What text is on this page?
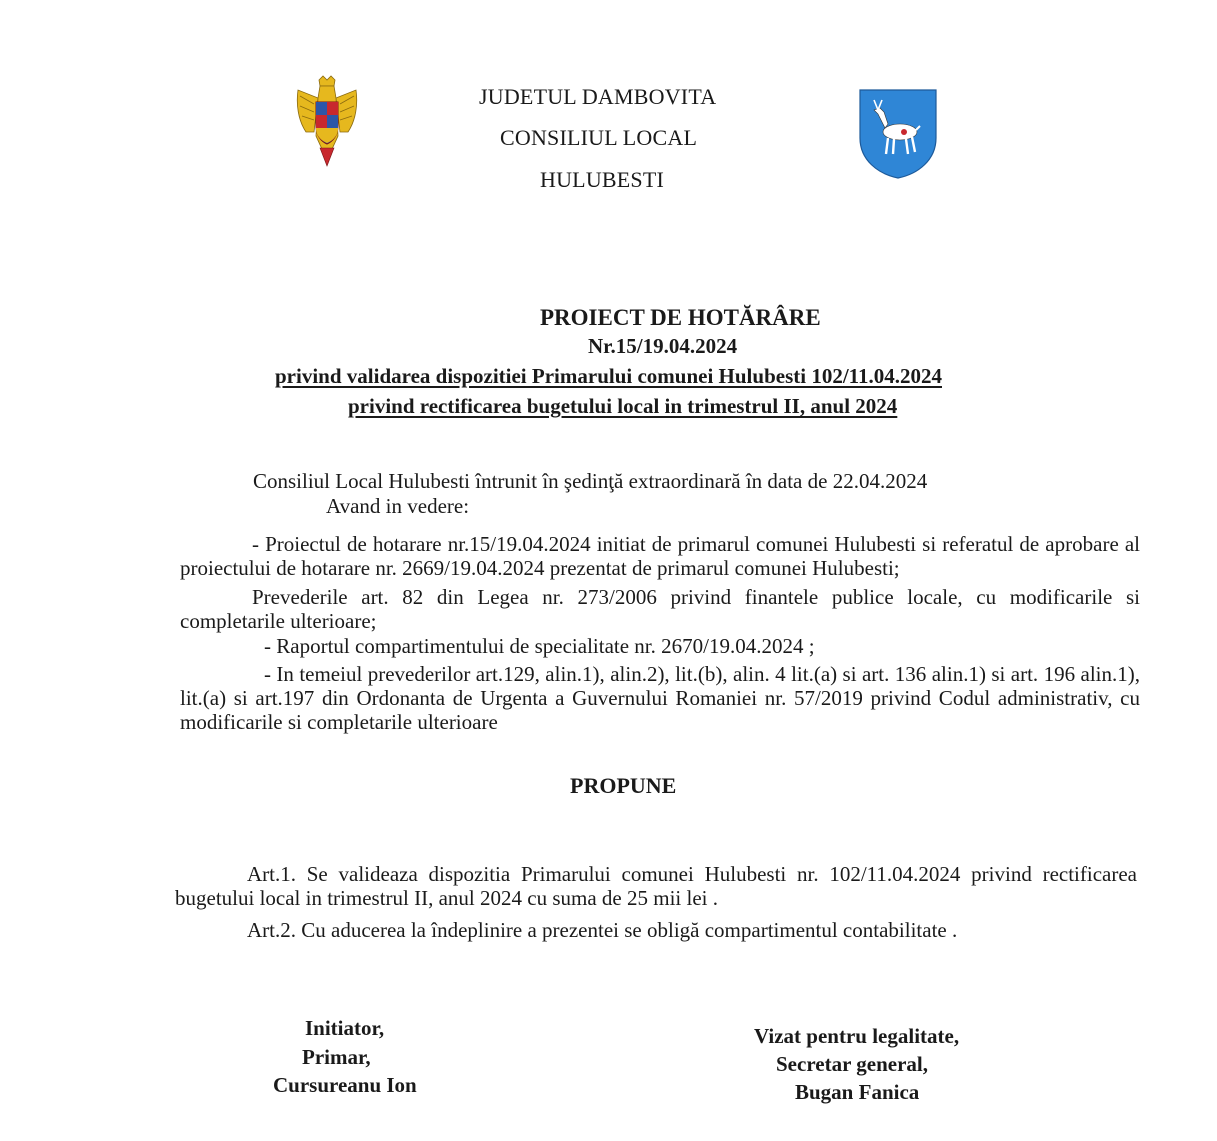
JUDETUL DAMBOVITA
CONSILIUL LOCAL
HULUBESTI
PROIECT DE HOTĂRÂRE
Nr.15/19.04.2024
privind validarea dispozitiei Primarului comunei Hulubesti 102/11.04.2024
privind rectificarea bugetului local in trimestrul II, anul 2024
Consiliul Local Hulubesti întrunit în şedinţă extraordinară în data de 22.04.2024
Avand in vedere:
- Proiectul de hotarare nr.15/19.04.2024 initiat de primarul comunei Hulubesti si referatul de aprobare al proiectului de hotarare nr. 2669/19.04.2024 prezentat de primarul comunei Hulubesti;
Prevederile art. 82 din Legea nr. 273/2006 privind finantele publice locale, cu modificarile si completarile ulterioare;
- Raportul compartimentului de specialitate nr. 2670/19.04.2024 ;
- In temeiul prevederilor art.129, alin.1), alin.2), lit.(b), alin. 4 lit.(a) si art. 136 alin.1) si art. 196 alin.1), lit.(a) si art.197 din Ordonanta de Urgenta a Guvernului Romaniei nr. 57/2019 privind Codul administrativ, cu modificarile si completarile ulterioare
PROPUNE
Art.1. Se valideaza dispozitia Primarului comunei Hulubesti nr. 102/11.04.2024 privind rectificarea bugetului local in trimestrul II, anul 2024 cu suma de 25 mii lei .
Art.2. Cu aducerea la îndeplinire a prezentei se obligă compartimentul contabilitate .
Initiator,
Primar,
Cursureanu Ion
Vizat pentru legalitate,
Secretar general,
Bugan Fanica
